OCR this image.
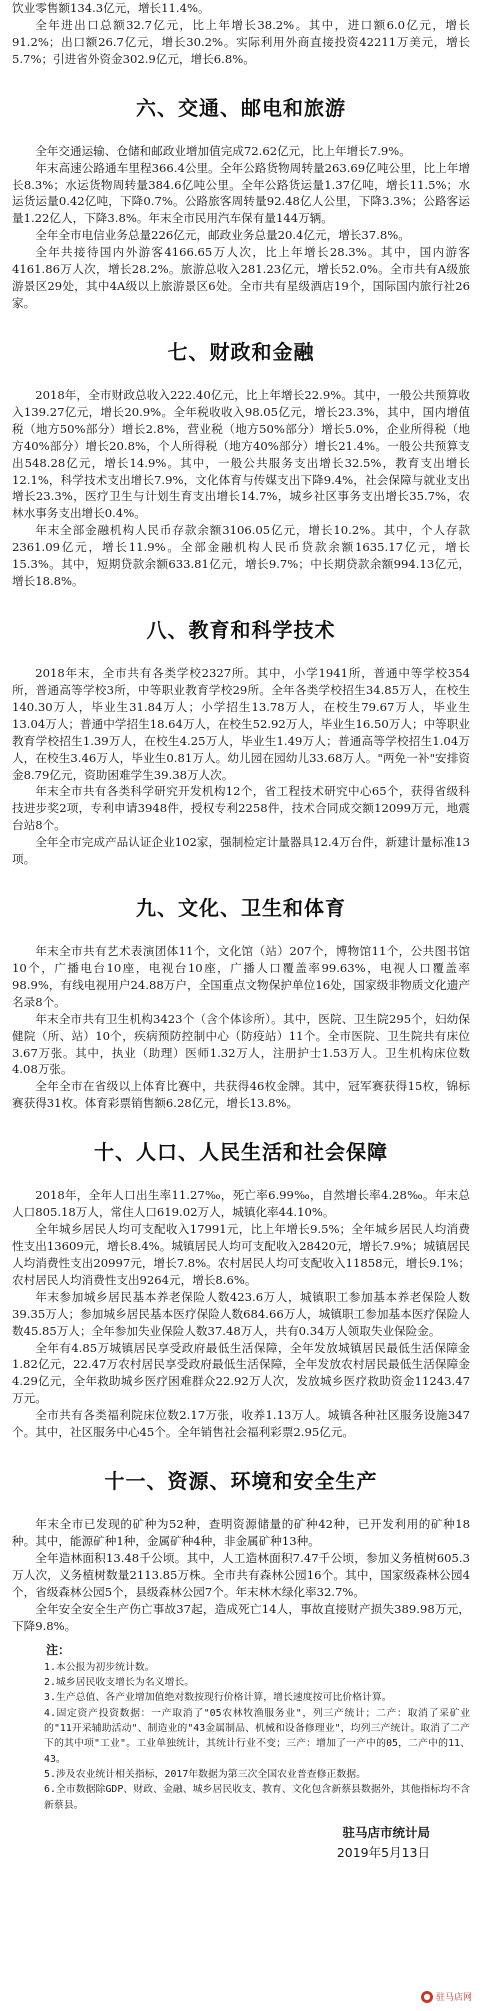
饮业零售额134.3亿元，增长11.4%。

全年进出口总额32.7亿元，比上年增长38.2%。其中，进口额6.0亿元，增长91.2%；出口额26.7亿元，增长30.2%。实际利用外商直接投资42211万美元，增长5.7%；引进省外资金302.9亿元，增长6.8%。

六、交通、邮电和旅游

全年交通运输、仓储和邮政业增加值完成72.62亿元，比上年增长7.9%。

年末高速公路通车里程366.4公里。全年公路货物周转量263.69亿吨公里，比上年增长8.3%；水运货物周转量384.6亿吨公里。全年公路货运量1.37亿吨，增长11.5%；水运货运量0.42亿吨，下降0.7%。公路旅客周转量92.48亿人公里，下降3.3%；公路客运量1.22亿人，下降3.8%。年末全市民用汽车保有量144万辆。

全年全市电信业务总量226亿元，邮政业务总量20.4亿元，增长37.8%。

全年共接待国内外游客4166.65万人次，比上年增长28.3%。其中，国内游客4161.86万人次，增长28.2%。旅游总收入281.23亿元，增长52.0%。全市共有A级旅游景区29处，其中4A级以上旅游景区6处。全市共有星级酒店19个，国际国内旅行社26家。

七、财政和金融

2018年，全市财政总收入222.40亿元，比上年增长22.9%。其中，一般公共预算收入139.27亿元，增长20.9%。全年税收收入98.05亿元，增长23.3%，其中，国内增值税（地方50%部分）增长2.8%，营业税（地方50%部分）增长5.0%，企业所得税（地方40%部分）增长20.8%，个人所得税（地方40%部分）增长21.4%。一般公共预算支出548.28亿元，增长14.9%。其中，一般公共服务支出增长32.5%，教育支出增长12.1%，科学技术支出增长7.9%，文化体育与传媒支出下降9.4%，社会保障与就业支出增长23.3%，医疗卫生与计划生育支出增长14.7%，城乡社区事务支出增长35.7%，农林水事务支出增长0.4%。

年末全部金融机构人民币存款余额3106.05亿元，增长10.2%。其中，个人存款2361.09亿元，增长11.9%。全部金融机构人民币贷款余额1635.17亿元，增长15.3%。其中，短期贷款余额633.81亿元，增长9.7%；中长期贷款余额994.13亿元，增长18.8%。

八、教育和科学技术

2018年末，全市共有各类学校2327所。其中，小学1941所，普通中等学校354所，普通高等学校3所，中等职业教育学校29所。全年各类学校招生34.85万人，在校生140.30万人，毕业生31.84万人；小学招生13.78万人，在校生79.67万人，毕业生13.04万人；普通中学招生18.64万人，在校生52.92万人，毕业生16.50万人；中等职业教育学校招生1.39万人，在校生4.25万人，毕业生1.49万人；普通高等学校招生1.04万人，在校生3.46万人，毕业生0.81万人。幼儿园在园幼儿33.68万人。"两免一补"安排资金8.79亿元，资助困难学生39.38万人次。

年末全市共有各类科学研究开发机构12个，省工程技术研究中心65个，获得省级科技进步奖2项，专利申请3948件，授权专利2258件，技术合同成交额12099万元，地震台站8个。

全年全市完成产品认证企业102家，强制检定计量器具12.4万台件，新建计量标准13项。

九、文化、卫生和体育

年末全市共有艺术表演团体11个，文化馆（站）207个，博物馆11个，公共图书馆10个，广播电台10座，电视台10座，广播人口覆盖率99.63%，电视人口覆盖率98.9%，有线电视用户24.88万户，全国重点文物保护单位16处，国家级非物质文化遗产名录8个。

年末全市共有卫生机构3423个（含个体诊所）。其中，医院、卫生院295个，妇幼保健院（所、站）10个，疾病预防控制中心（防疫站）11个。全市医院、卫生院共有床位3.67万张。其中，执业（助理）医师1.32万人，注册护士1.53万人。卫生机构床位数4.08万张。

全年全市在省级以上体育比赛中，共获得46枚金牌。其中，冠军赛获得15枚，锦标赛获得31枚。体育彩票销售额6.28亿元，增长13.8%。

十、人口、人民生活和社会保障

2018年，全年人口出生率11.27‰，死亡率6.99‰，自然增长率4.28‰。年末总人口805.18万人，常住人口619.02万人，城镇化率44.10%。

全年城乡居民人均可支配收入17991元，比上年增长9.5%；全年城乡居民人均消费性支出13609元，增长8.4%。城镇居民人均可支配收入28420元，增长7.9%；城镇居民人均消费性支出20997元，增长7.8%。农村居民人均可支配收入11858元，增长9.1%；农村居民人均消费性支出9264元，增长8.6%。

年末参加城乡居民基本养老保险人数423.6万人，城镇职工参加基本养老保险人数39.35万人；参加城乡居民基本医疗保险人数684.66万人，城镇职工参加基本医疗保险人数45.85万人；全年参加失业保险人数37.48万人，共有0.34万人领取失业保险金。

全年有4.85万城镇居民享受政府最低生活保障，全年发放城镇居民最低生活保障金1.82亿元，22.47万农村居民享受政府最低生活保障，全年发放农村居民最低生活保障金4.29亿元，全年救助城乡医疗困难群众22.92万人次，发放城乡医疗救助资金11243.47万元。

全市共有各类福利院床位数2.17万张，收养1.13万人。城镇各种社区服务设施347个。其中，社区服务中心45个。全年销售社会福利彩票2.95亿元。

十一、资源、环境和安全生产

年末全市已发现的矿种为52种，查明资源储量的矿种42种，已开发利用的矿种18种。其中，能源矿种1种，金属矿种4种，非金属矿种13种。

全年造林面积13.48千公顷。其中，人工造林面积7.47千公顷，参加义务植树605.3万人次，义务植树数量2113.85万株。全市共有森林公园16个。其中，国家级森林公园4个，省级森林公园5个，县级森林公园7个。年末林木绿化率32.7%。

全年安全安全生产伤亡事故37起，造成死亡14人，事故直接财产损失389.98万元，下降9.8%。

注：

1.本公报为初步统计数。

2.城乡居民收支增长为名义增长。

3.生产总值、各产业增加值绝对数按现行价格计算，增长速度按可比价格计算。

4.固定资产投资数据：一产取消了"05农林牧渔服务业"，列三产统计；二产：取消了采矿业的"11开采辅助活动"、制造业的"43金属制品、机械和设备修理业"，均列三产统计。取消了二产下的其中项"工业"。工业单独统计，其统计行业不变；三产：增加了一产中的05，二产中的11、43。

5.涉及农业统计相关指标，2017年数据为第三次全国农业普查修正数据。

6.全市数据除GDP、财政、金融、城乡居民收支、教育、文化包含新蔡县数据外，其他指标均不含新蔡县。

驻马店市统计局
2019年5月13日
● 驻马店网
